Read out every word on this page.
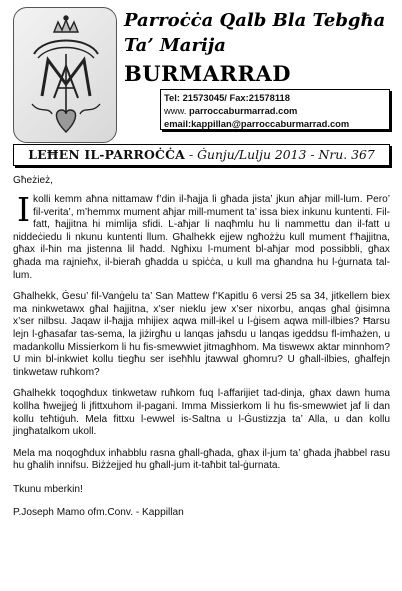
Parroċċa Qalb Bla Tebgħa
Ta’ Marija
BURMARRAD
Tel: 21573045/ Fax:21578118
www. parroccaburmarrad.com
email:kappillan@parroccaburmarrad.com
LEĦEN IL-PARROĊĊA - Ġunju/Lulju 2013 - Nru. 367

Għeżież,

Ikolli kemm aħna nittamaw f’din il-ħajja li għada jista’ jkun aħjar mill-lum. Pero’ fil-verita’, m’hemmx mument aħjar mill-mument ta’ issa biex inkunu kuntenti. Fil-fatt, ħajjitna hi mimlija sfidi. L-aħjar li naqħmlu hu li nammettu dan il-fatt u niddeċiedu li nkunu kuntenti llum. Għalhekk ejjew ngħożżu kull mument f’ħajjitna, għax il-ħin ma jistenna lil ħadd. Ngħixu l-mument bl-aħjar mod possibbli, għax għada ma rajnieħx, il-bieraħ għadda u spiċċa, u kull ma għandna hu l-ġurnata tal-lum.

Għalhekk, Ġesu’ fil-Vanġelu ta’ San Mattew f’Kapitlu 6 versi 25 sa 34, jitkellem biex ma ninkwetawx għal ħajjitna, x’ser nieklu jew x’ser nixorbu, anqas għal ġisimna x’ser nilbsu. Jaqaw il-ħajja mhijiex aqwa mill-ikel u l-ġisem aqwa mill-ilbies? Ħarsu lejn l-għasafar tas-sema, la jiżirgħu u lanqas jaħsdu u lanqas igeddsu fl-imħażen, u madankollu Missierkom li hu fis-smewwiet jitmagħhom. Ma tiswewx aktar minnhom? U min bl-inkwiet kollu tiegħu ser iseħħlu jtawwal għomru? U għall-ilbies, għalfejn tinkwetaw ruħkom?

Għalhekk toqogħdux tinkwetaw ruħkom fuq l-affarijiet tad-dinja, għax dawn huma kollha ħwejjeġ li jfittxuhom il-pagani. Imma Missierkom li hu fis-smewwiet jaf li dan kollu teħtiġuh. Mela fittxu l-ewwel is-Saltna u l-Ġustizzja ta’ Alla, u dan kollu jingħatalkom ukoll.

Mela ma noqogħdux inħabblu rasna għall-għada, għax il-jum ta’ għada jħabbel rasu hu għalih innifsu. Biżżejjed hu għall-jum it-taħbit tal-ġurnata.

Tkunu mberkin!

P.Joseph Mamo ofm.Conv. - Kappillan
